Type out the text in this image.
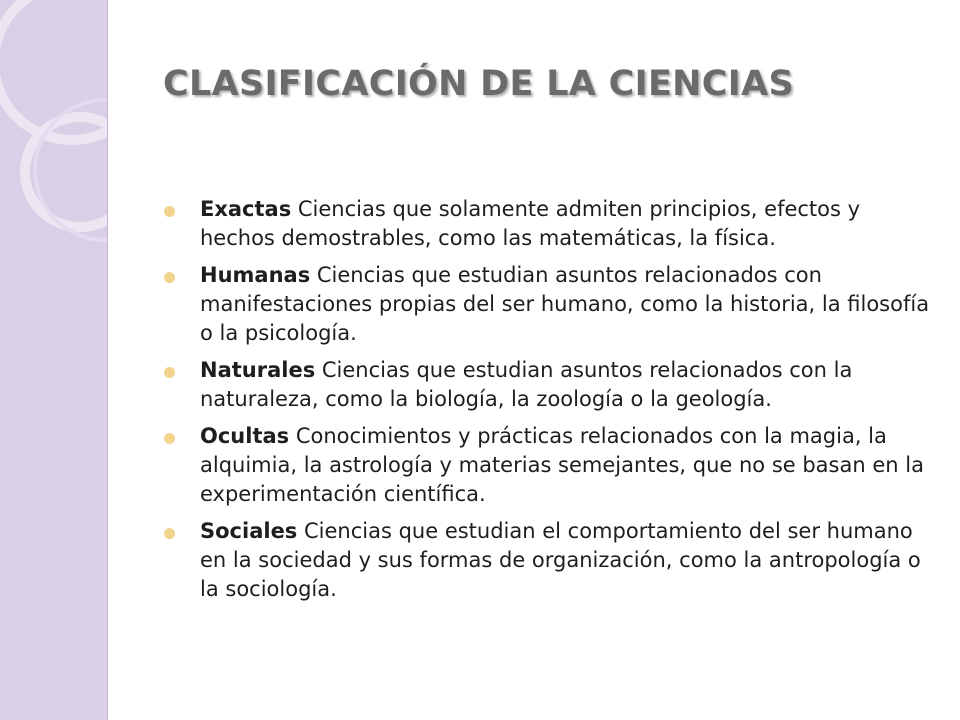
CLASIFICACIÓN DE LA CIENCIAS
Exactas Ciencias que solamente admiten principios, efectos y hechos demostrables, como las matemáticas, la física.
Humanas Ciencias que estudian asuntos relacionados con manifestaciones propias del ser humano, como la historia, la filosofía o la psicología.
Naturales Ciencias que estudian asuntos relacionados con la naturaleza, como la biología, la zoología o la geología.
Ocultas Conocimientos y prácticas relacionados con la magia, la alquimia, la astrología y materias semejantes, que no se basan en la experimentación científica.
Sociales Ciencias que estudian el comportamiento del ser humano en la sociedad y sus formas de organización, como la antropología o la sociología.
